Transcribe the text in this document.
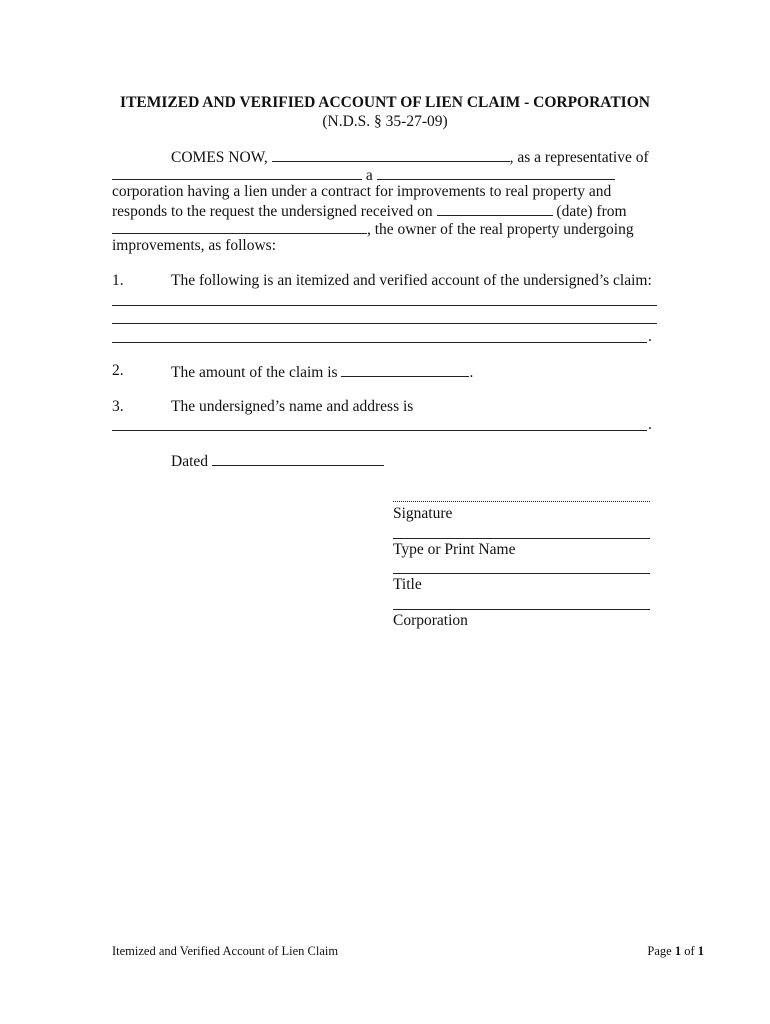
ITEMIZED AND VERIFIED ACCOUNT OF LIEN CLAIM - CORPORATION
(N.D.S. § 35-27-09)
COMES NOW,	, as a representative of
a
corporation having a lien under a contract for improvements to real property and
responds to the request the undersigned received on	(date) from
, the owner of the real property undergoing
improvements, as follows:
1.	The following is an itemized and verified account of the undersigned’s claim:
.
2.	The amount of the claim is	.
3.	The undersigned’s name and address is
.
Dated
Signature
Type or Print Name
Title
Corporation
Itemized and Verified Account of Lien Claim	Page 1 of 1
